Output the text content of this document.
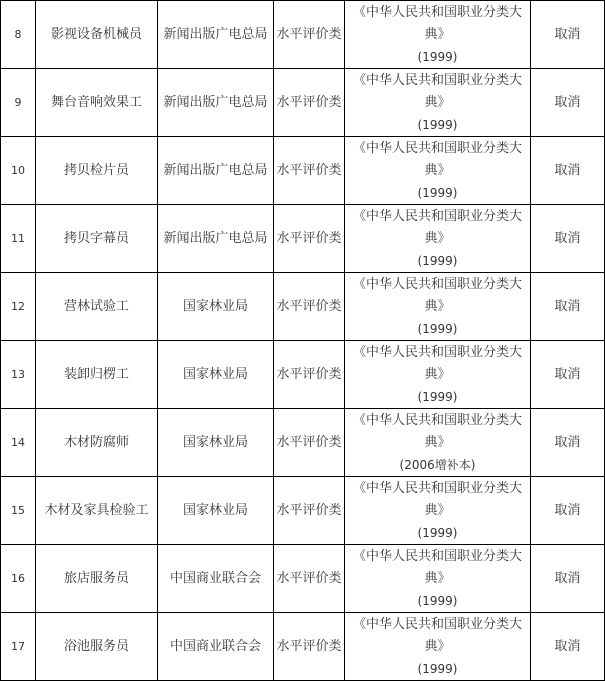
8	影视设备机械员	新闻出版广电总局	水平评价类	《中华人民共和国职业分类大
典》
(1999)	取消
9	舞台音响效果工	新闻出版广电总局	水平评价类	《中华人民共和国职业分类大
典》
(1999)	取消
10	拷贝检片员	新闻出版广电总局	水平评价类	《中华人民共和国职业分类大
典》
(1999)	取消
11	拷贝字幕员	新闻出版广电总局	水平评价类	《中华人民共和国职业分类大
典》
(1999)	取消
12	营林试验工	国家林业局	水平评价类	《中华人民共和国职业分类大
典》
(1999)	取消
13	装卸归楞工	国家林业局	水平评价类	《中华人民共和国职业分类大
典》
(1999)	取消
14	木材防腐师	国家林业局	水平评价类	《中华人民共和国职业分类大
典》
(2006增补本)	取消
15	木材及家具检验工	国家林业局	水平评价类	《中华人民共和国职业分类大
典》
(1999)	取消
16	旅店服务员	中国商业联合会	水平评价类	《中华人民共和国职业分类大
典》
(1999)	取消
17	浴池服务员	中国商业联合会	水平评价类	《中华人民共和国职业分类大
典》
(1999)	取消
